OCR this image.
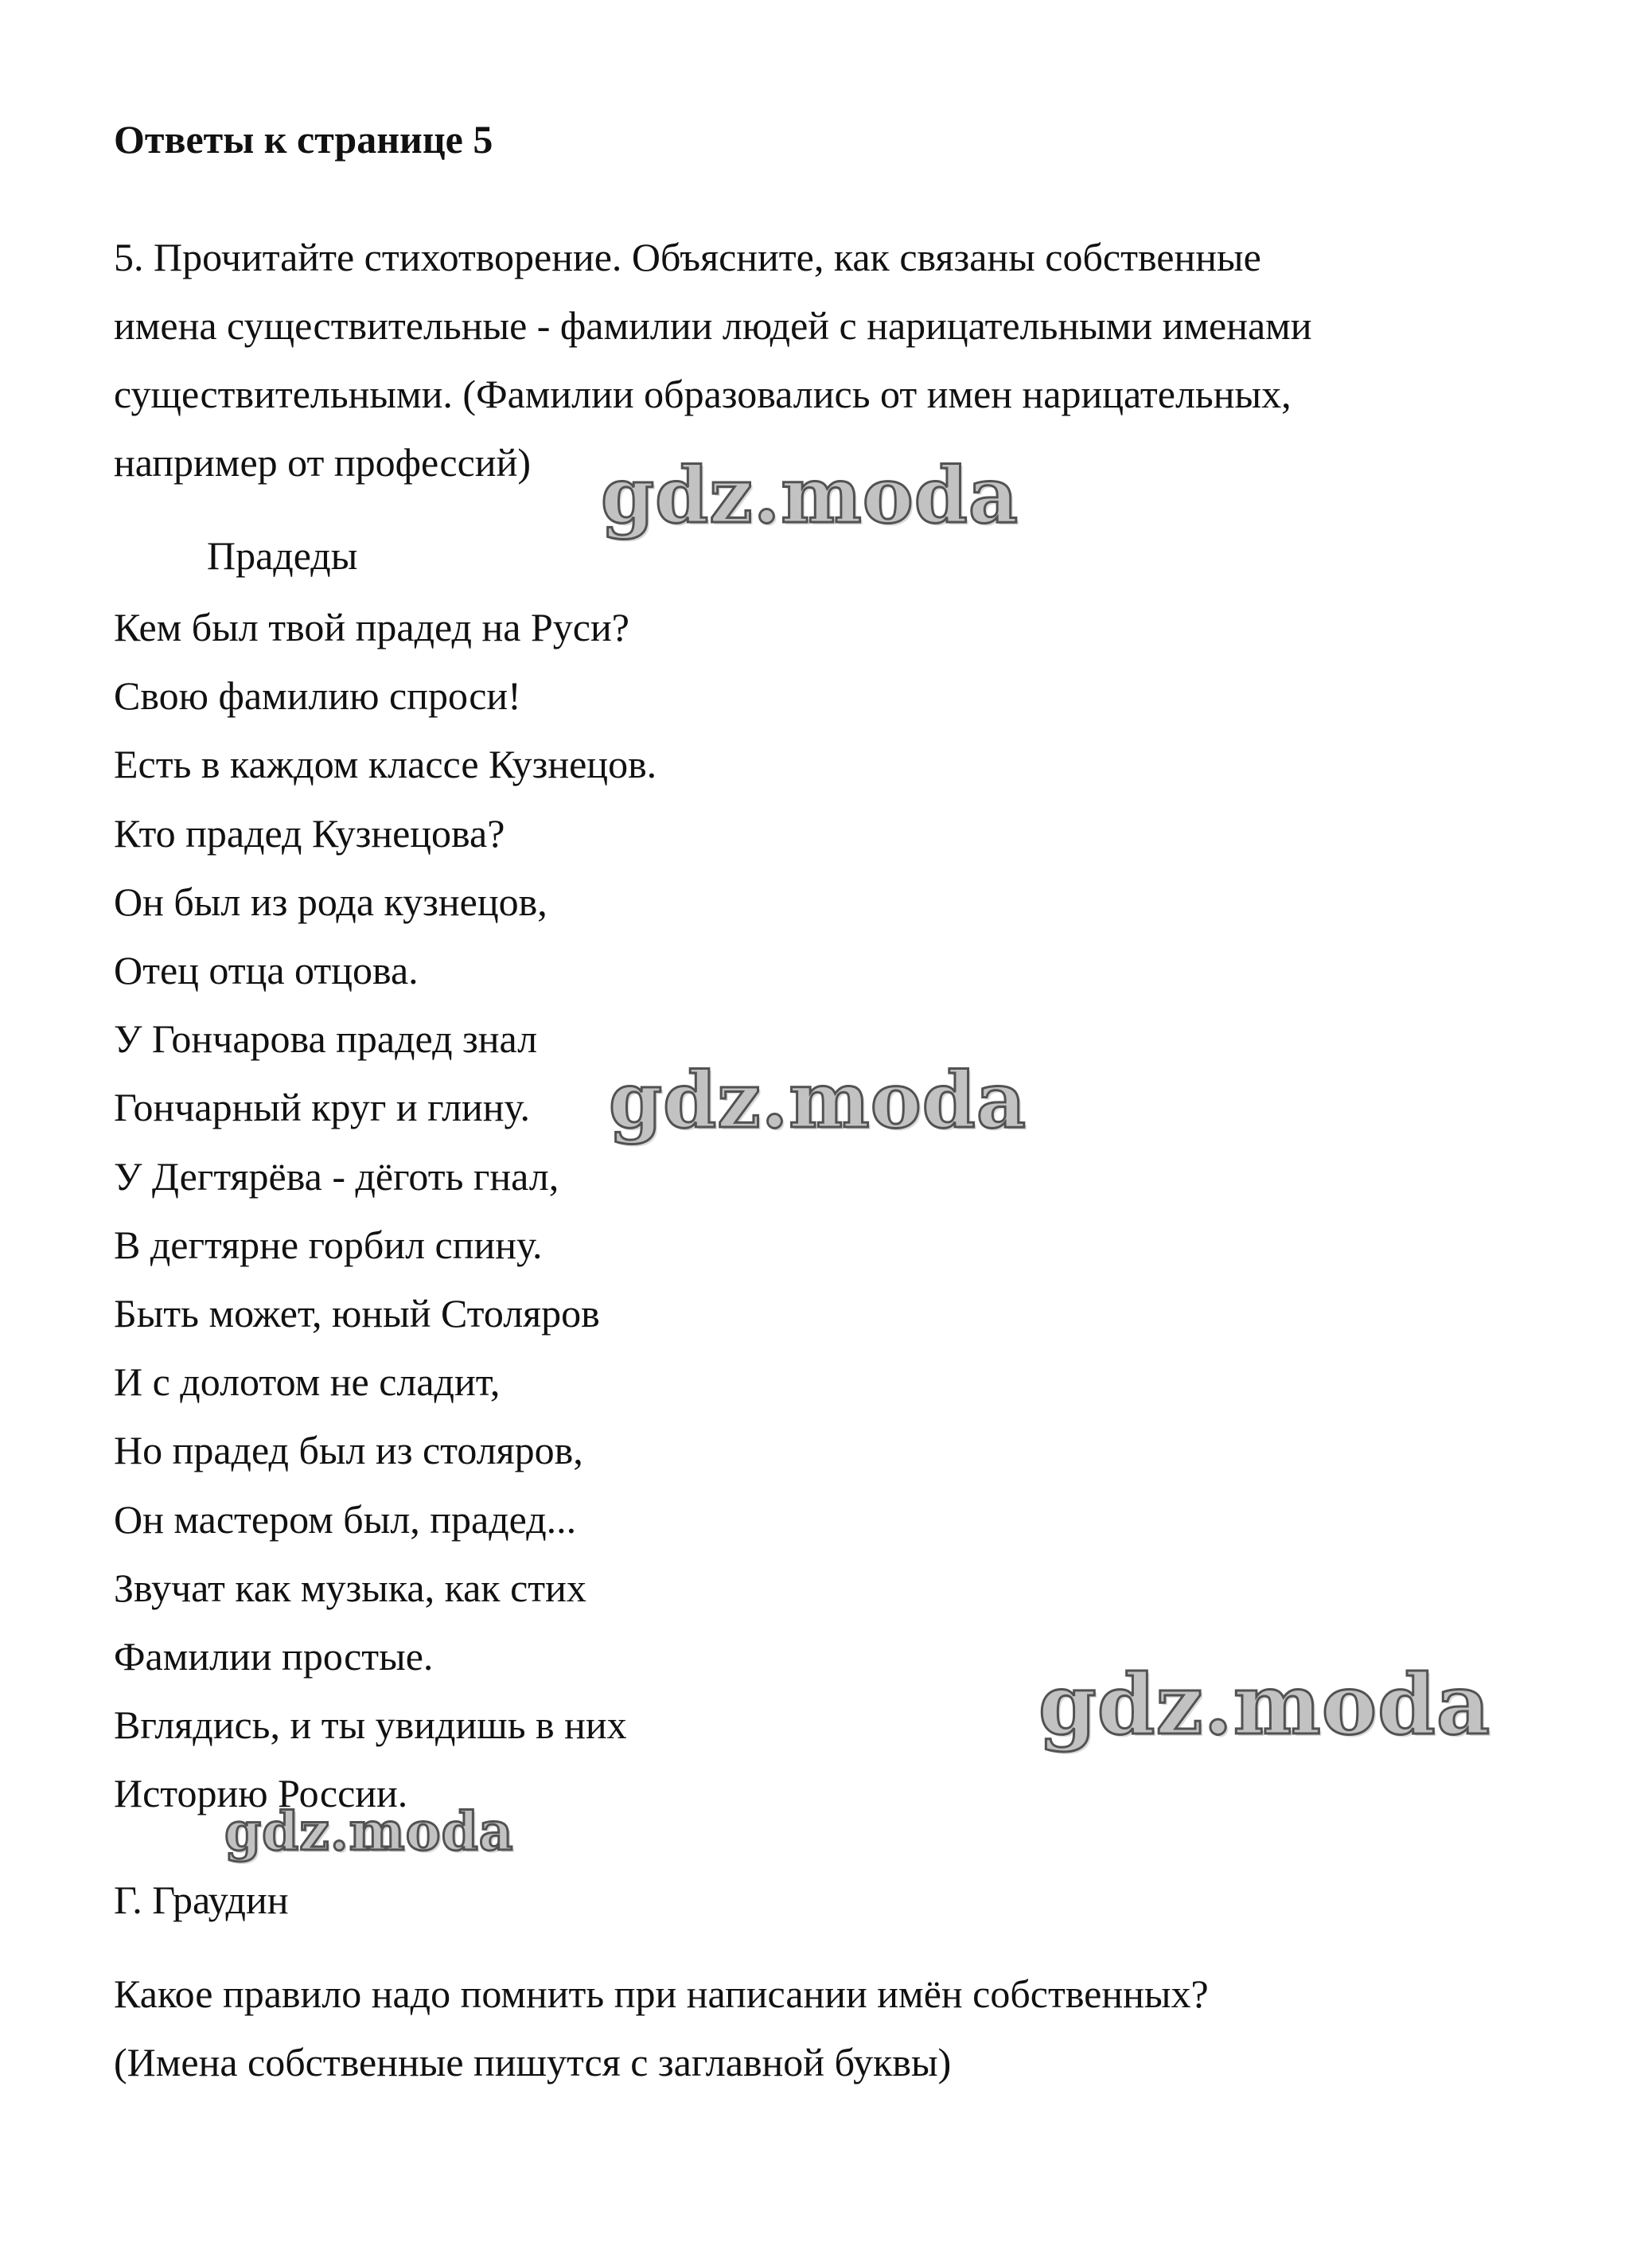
Ответы к странице 5
5. Прочитайте стихотворение. Объясните, как связаны собственные
имена существительные - фамилии людей с нарицательными именами
существительными. (Фамилии образовались от имен нарицательных,
например от профессий)
Прадеды
Кем был твой прадед на Руси?
Свою фамилию спроси!
Есть в каждом классе Кузнецов.
Кто прадед Кузнецова?
Он был из рода кузнецов,
Отец отца отцова.
У Гончарова прадед знал
Гончарный круг и глину.
У Дегтярёва - дёготь гнал,
В дегтярне горбил спину.
Быть может, юный Столяров
И с долотом не сладит,
Но прадед был из столяров,
Он мастером был, прадед...
Звучат как музыка, как стих
Фамилии простые.
Вглядись, и ты увидишь в них
Историю России.
Г. Граудин
Какое правило надо помнить при написании имён собственных?
(Имена собственные пишутся с заглавной буквы)
gdz.moda
gdz.moda
gdz.moda
gdz.moda
